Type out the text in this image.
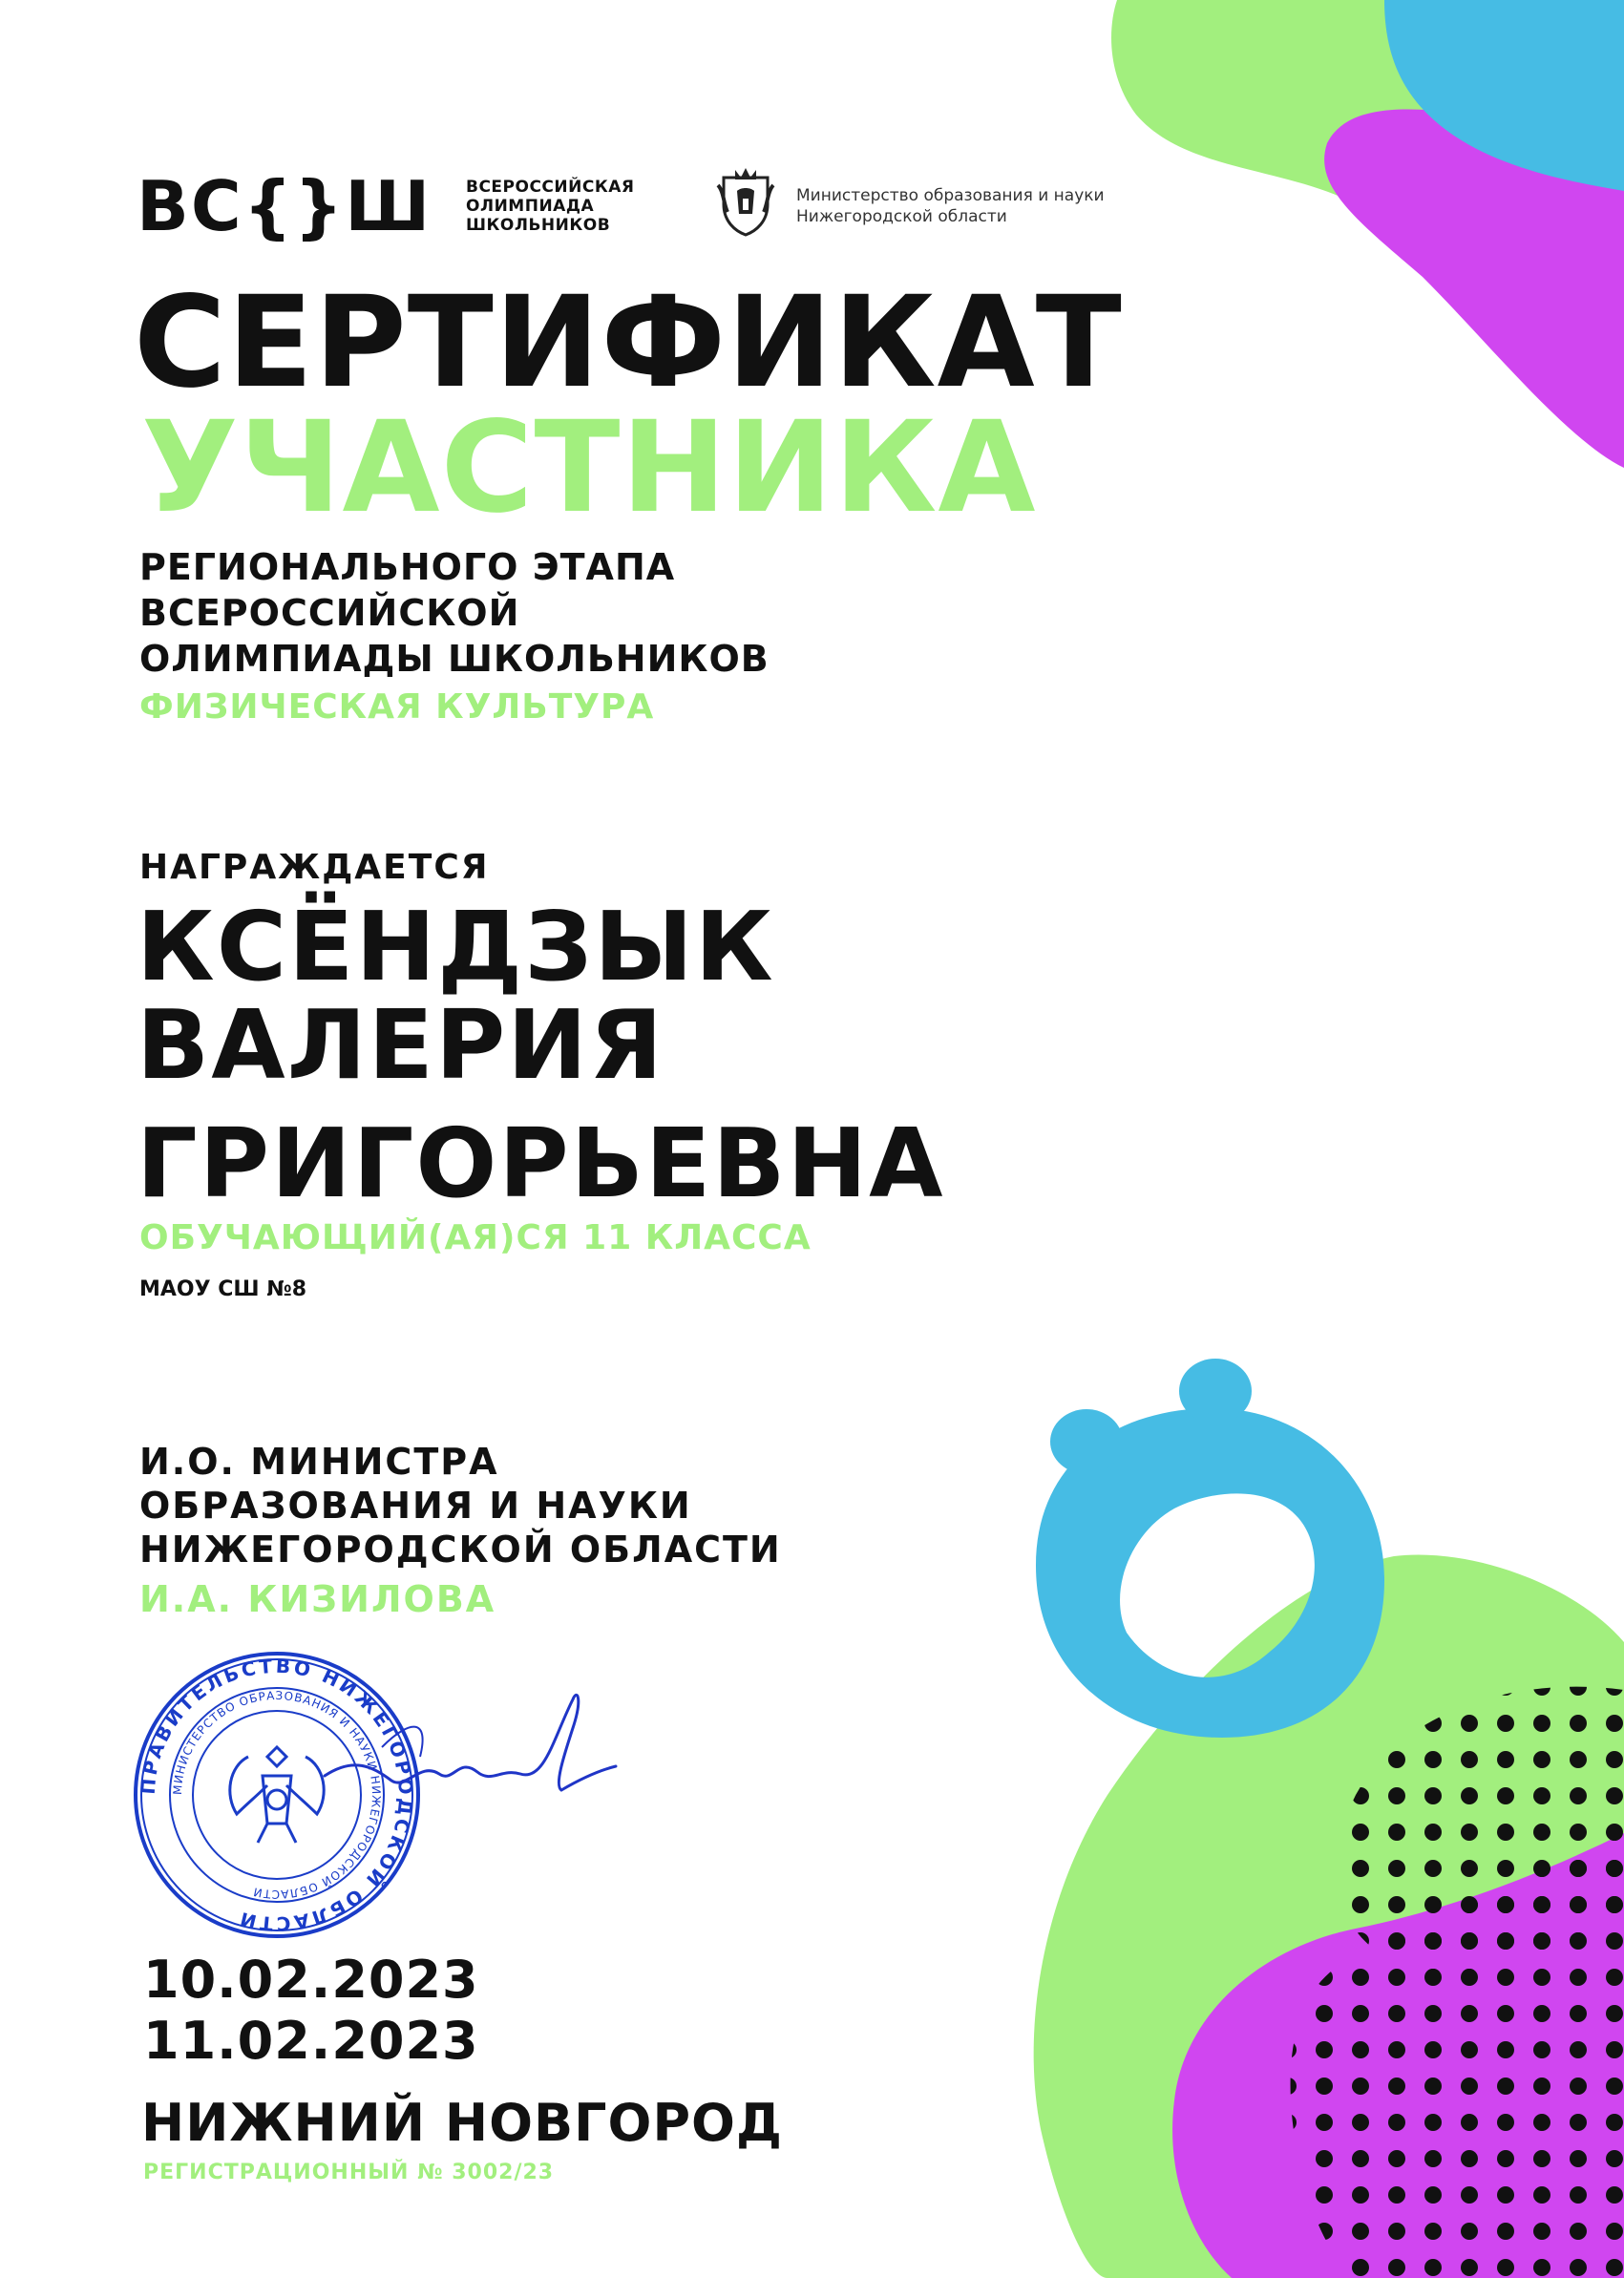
ВС{}Ш ВСЕРОССИЙСКАЯ
ОЛИМПИАДА
ШКОЛЬНИКОВ
Министерство образования и науки
Нижегородской области
СЕРТИФИКАТ
УЧАСТНИКА
РЕГИОНАЛЬНОГО ЭТАПА
ВСЕРОССИЙСКОЙ
ОЛИМПИАДЫ ШКОЛЬНИКОВ
ФИЗИЧЕСКАЯ КУЛЬТУРА
НАГРАЖДАЕТСЯ
КСЁНДЗЫК
ВАЛЕРИЯ
ГРИГОРЬЕВНА
ОБУЧАЮЩИЙ(АЯ)СЯ 11 КЛАССА
МАОУ СШ №8
И.О. МИНИСТРА
ОБРАЗОВАНИЯ И НАУКИ
НИЖЕГОРОДСКОЙ ОБЛАСТИ
И.А. КИЗИЛОВА
ПРАВИТЕЛЬСТВО НИЖЕГОРОДСКОЙ ОБЛАСТИ
МИНИСТЕРСТВО ОБРАЗОВАНИЯ И НАУКИ НИЖЕГОРОДСКОЙ ОБЛАСТИ
10.02.2023
11.02.2023
НИЖНИЙ НОВГОРОД
РЕГИСТРАЦИОННЫЙ № 3002/23
